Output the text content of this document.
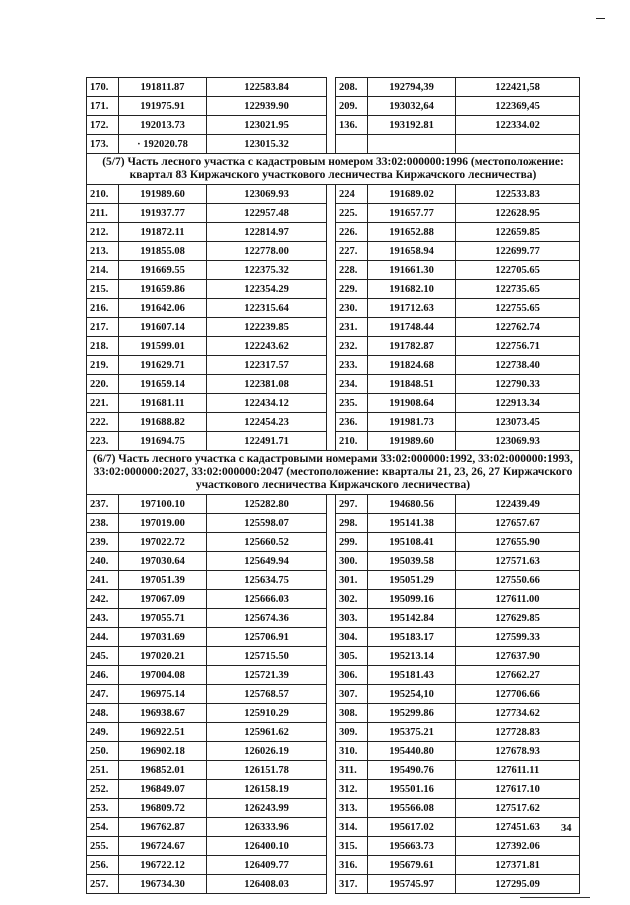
170.	191811.87	122583.84		208.	192794,39	122421,58
171.	191975.91	122939.90		209.	193032,64	122369,45
172.	192013.73	123021.95		136.	193192.81	122334.02
173.	· 192020.78	123015.32				
(5/7) Часть лесного участка с кадастровым номером 33:02:000000:1996 (местоположение: квартал 83 Киржачского участкового лесничества Киржачского лесничества)						
210.	191989.60	123069.93		224	191689.02	122533.83
211.	191937.77	122957.48		225.	191657.77	122628.95
212.	191872.11	122814.97		226.	191652.88	122659.85
213.	191855.08	122778.00		227.	191658.94	122699.77
214.	191669.55	122375.32		228.	191661.30	122705.65
215.	191659.86	122354.29		229.	191682.10	122735.65
216.	191642.06	122315.64		230.	191712.63	122755.65
217.	191607.14	122239.85		231.	191748.44	122762.74
218.	191599.01	122243.62		232.	191782.87	122756.71
219.	191629.71	122317.57		233.	191824.68	122738.40
220.	191659.14	122381.08		234.	191848.51	122790.33
221.	191681.11	122434.12		235.	191908.64	122913.34
222.	191688.82	122454.23		236.	191981.73	123073.45
223.	191694.75	122491.71		210.	191989.60	123069.93
(6/7) Часть лесного участка с кадастровыми номерами 33:02:000000:1992, 33:02:000000:1993, 33:02:000000:2027, 33:02:000000:2047 (местоположение: кварталы 21, 23, 26, 27 Киржачского участкового лесничества Киржачского лесничества)						
237.	197100.10	125282.80		297.	194680.56	122439.49
238.	197019.00	125598.07		298.	195141.38	127657.67
239.	197022.72	125660.52		299.	195108.41	127655.90
240.	197030.64	125649.94		300.	195039.58	127571.63
241.	197051.39	125634.75		301.	195051.29	127550.66
242.	197067.09	125666.03		302.	195099.16	127611.00
243.	197055.71	125674.36		303.	195142.84	127629.85
244.	197031.69	125706.91		304.	195183.17	127599.33
245.	197020.21	125715.50		305.	195213.14	127637.90
246.	197004.08	125721.39		306.	195181.43	127662.27
247.	196975.14	125768.57		307.	195254,10	127706.66
248.	196938.67	125910.29		308.	195299.86	127734.62
249.	196922.51	125961.62		309.	195375.21	127728.83
250.	196902.18	126026.19		310.	195440.80	127678.93
251.	196852.01	126151.78		311.	195490.76	127611.11
252.	196849.07	126158.19		312.	195501.16	127617.10
253.	196809.72	126243.99		313.	195566.08	127517.62
254.	196762.87	126333.96		314.	195617.02	127451.63
255.	196724.67	126400.10		315.	195663.73	127392.06
256.	196722.12	126409.77		316.	195679.61	127371.81
257.	196734.30	126408.03		317.	195745.97	127295.09
34
